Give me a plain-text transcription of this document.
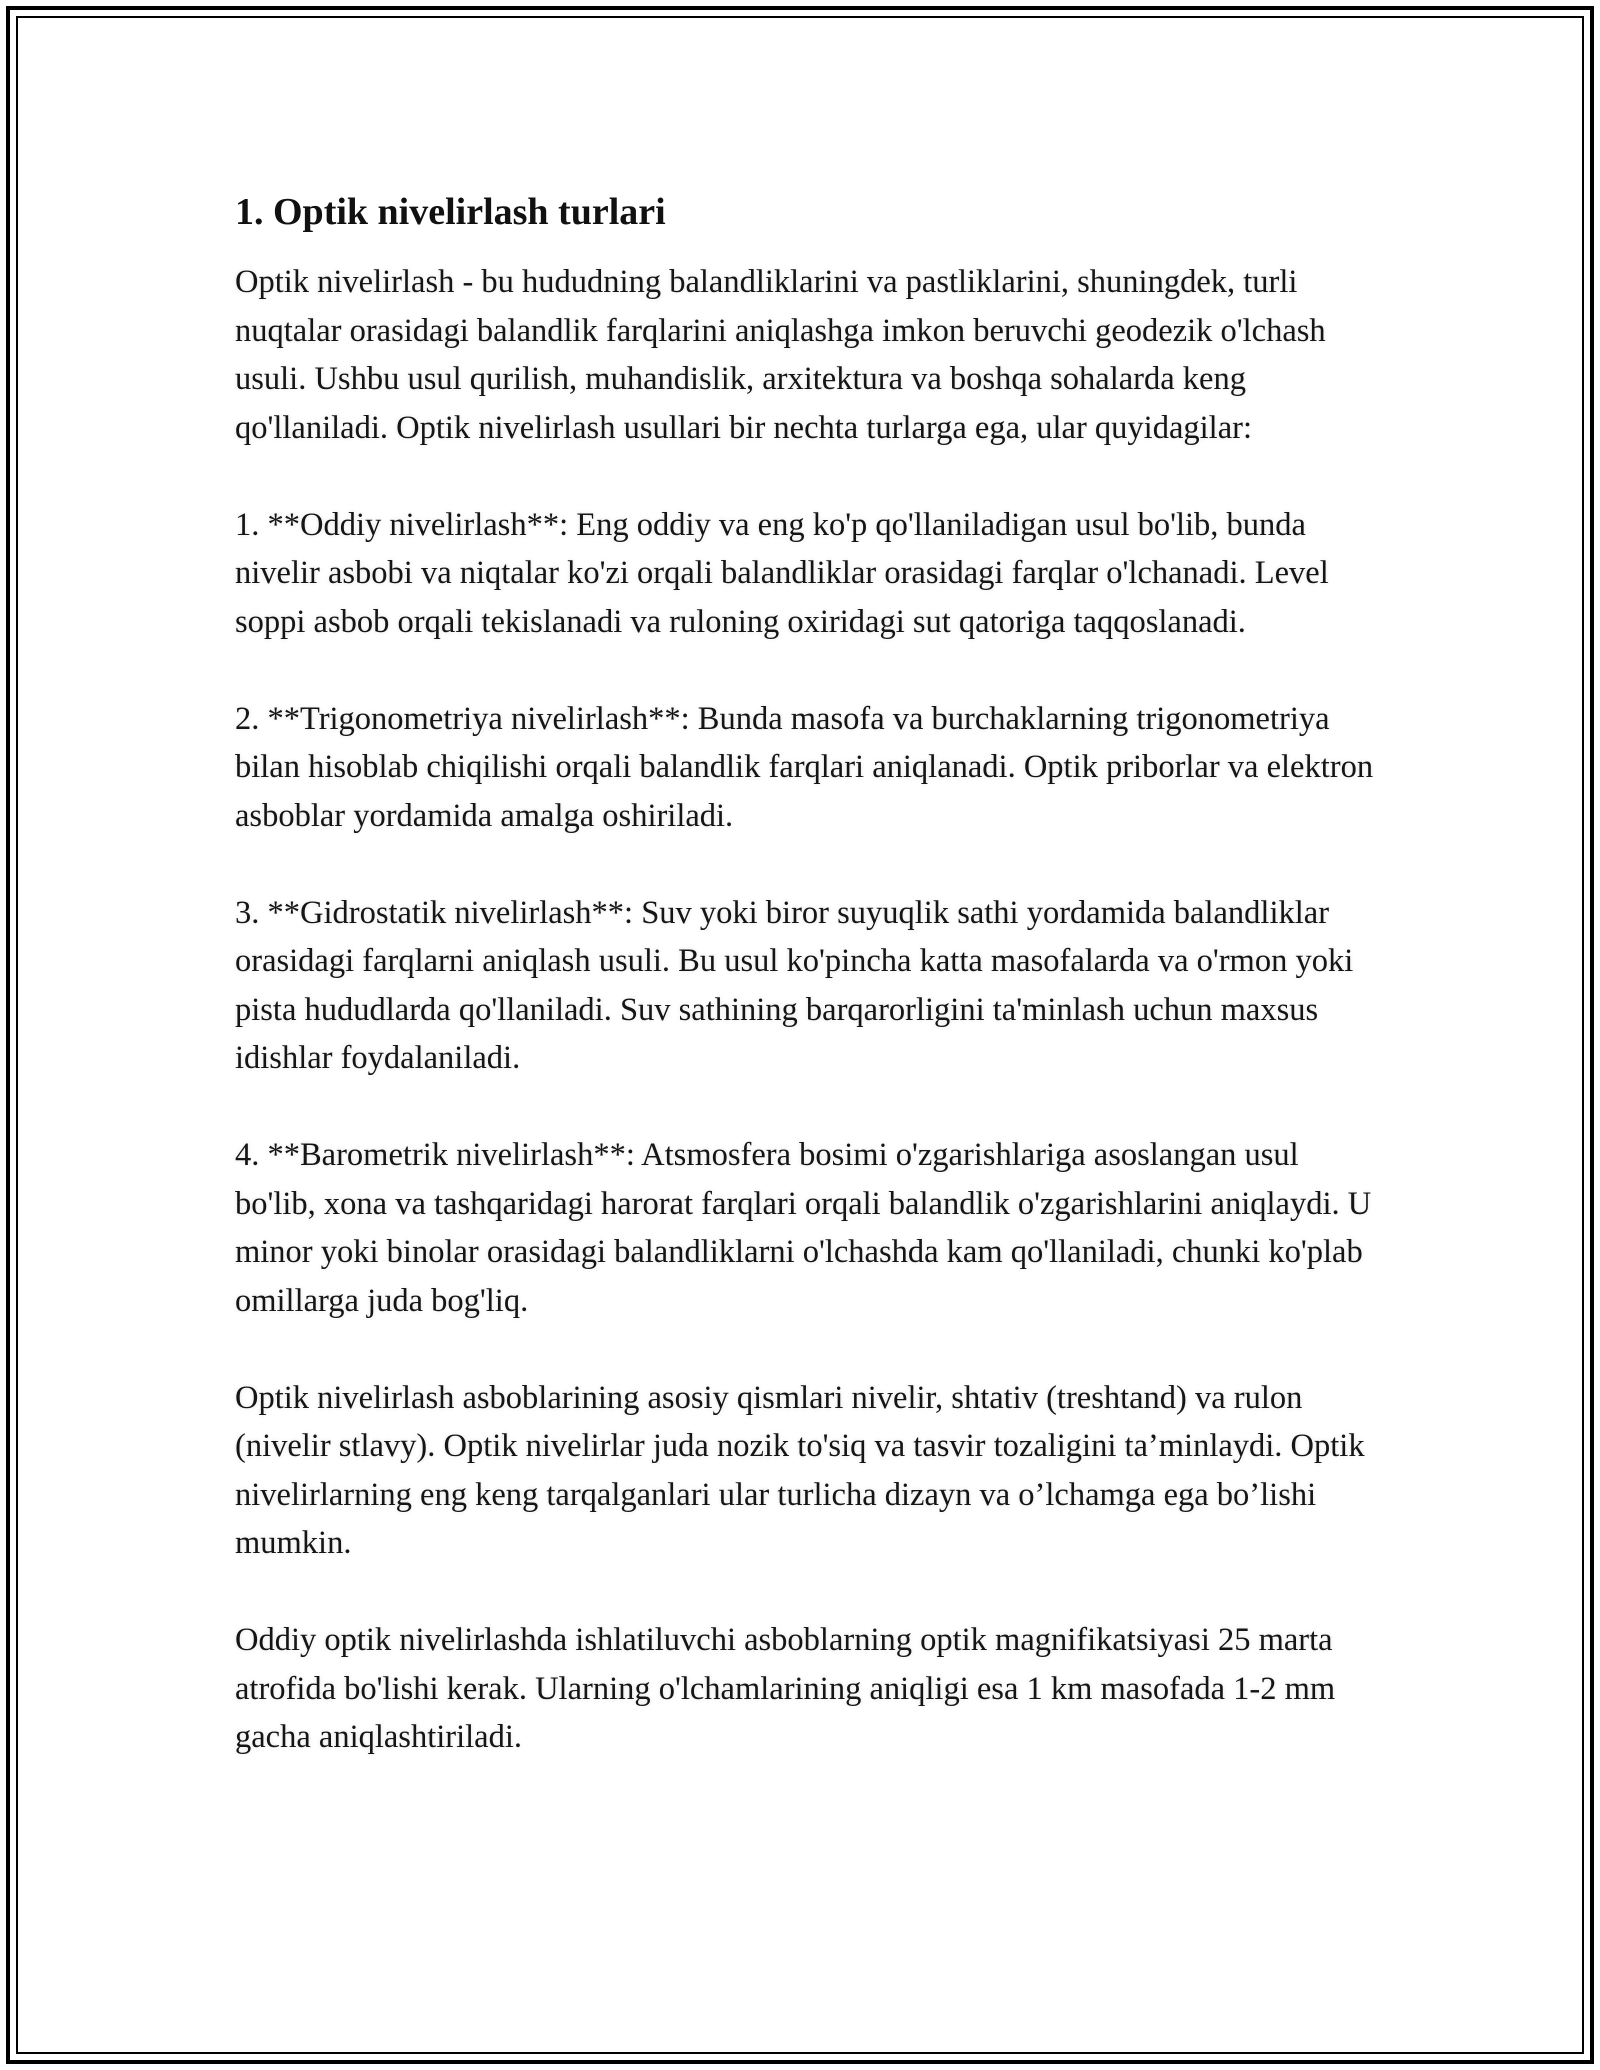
1. Optik nivelirlash turlari

Optik nivelirlash - bu hududning balandliklarini va pastliklarini, shuningdek, turli nuqtalar orasidagi balandlik farqlarini aniqlashga imkon beruvchi geodezik o'lchash usuli. Ushbu usul qurilish, muhandislik, arxitektura va boshqa sohalarda keng qo'llaniladi. Optik nivelirlash usullari bir nechta turlarga ega, ular quyidagilar:

1. **Oddiy nivelirlash**: Eng oddiy va eng ko'p qo'llaniladigan usul bo'lib, bunda nivelir asbobi va niqtalar ko'zi orqali balandliklar orasidagi farqlar o'lchanadi. Level soppi asbob orqali tekislanadi va ruloning oxiridagi sut qatoriga taqqoslanadi.

2. **Trigonometriya nivelirlash**: Bunda masofa va burchaklarning trigonometriya bilan hisoblab chiqilishi orqali balandlik farqlari aniqlanadi. Optik priborlar va elektron asboblar yordamida amalga oshiriladi.

3. **Gidrostatik nivelirlash**: Suv yoki biror suyuqlik sathi yordamida balandliklar orasidagi farqlarni aniqlash usuli. Bu usul ko'pincha katta masofalarda va o'rmon yoki pista hududlarda qo'llaniladi. Suv sathining barqarorligini ta'minlash uchun maxsus idishlar foydalaniladi.

4. **Barometrik nivelirlash**: Atsmosfera bosimi o'zgarishlariga asoslangan usul bo'lib, xona va tashqaridagi harorat farqlari orqali balandlik o'zgarishlarini aniqlaydi. U minor yoki binolar orasidagi balandliklarni o'lchashda kam qo'llaniladi, chunki ko'plab omillarga juda bog'liq.

Optik nivelirlash asboblarining asosiy qismlari nivelir, shtativ (treshtand) va rulon (nivelir stlavy). Optik nivelirlar juda nozik to'siq va tasvir tozaligini ta’minlaydi. Optik nivelirlarning eng keng tarqalganlari ular turlicha dizayn va o’lchamga ega bo’lishi mumkin.

Oddiy optik nivelirlashda ishlatiluvchi asboblarning optik magnifikatsiyasi 25 marta atrofida bo'lishi kerak. Ularning o'lchamlarining aniqligi esa 1 km masofada 1-2 mm gacha aniqlashtiriladi.
